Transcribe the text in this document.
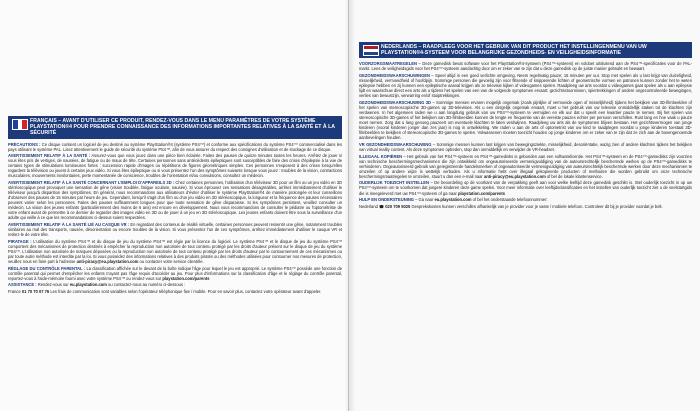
FRANÇAIS – AVANT D'UTILISER CE PRODUIT, RENDEZ-VOUS DANS LE MENU PARAMÈTRES DE VOTRE SYSTÈME PLAYSTATION®4 POUR PRENDRE CONNAISSANCE DES INFORMATIONS IMPORTANTES RELATIVES À LA SANTÉ ET À LA SÉCURITÉ

PRÉCAUTIONS : Ce disque contient un logiciel de jeu destiné au système PlayStation®4 (système PS4™) et conforme aux spécifications du système PS4™ commercialisé dans les pays utilisant le système PAL. Lisez attentivement le guide de sécurité du système PS4™, afin de vous assurer du respect des consignes d'utilisation et de stockage de ce disque.

AVERTISSEMENT RELATIF À LA SANTÉ : Assurez-vous que vous jouez dans une pièce bien éclairée. Faites des pauses de quinze minutes toutes les heures. Arrêtez de jouer si vous êtes pris de vertiges, de nausées, de fatigue ou de maux de tête. Certaines personnes sans antécédents épileptiques sont susceptibles de faire des crises d'épilepsie à la vue de certains types de stimulations lumineuses fortes : succession rapide d'images ou répétitions de figures géométriques simples. Ces personnes s'exposent à des crises lorsqu'elles regardent la télévision ou jouent à certains jeux vidéo. Si vous êtes épileptique ou si vous présentez l'un des symptômes suivants lorsque vous jouez : troubles de la vision, contractions musculaires, mouvements involontaires, perte momentanée de conscience, troubles de l'orientation et/ou convulsions, consultez un médecin.

AVERTISSEMENT RELATIF À LA SANTÉ CONCERNANT L'EMPLOI D'APPAREILS 3D : Chez certaines personnes, l'utilisation d'un téléviseur 3D pour un film ou un jeu vidéo en 3D stéréoscopique peut provoquer une sensation de gêne (vision troublée, fatigue oculaire, nausée). Si vous éprouvez ces sensations désagréables, arrêtez immédiatement d'utiliser le téléviseur jusqu'à disparition des symptômes. En général, nous recommandons aux utilisateurs d'éviter d'utiliser le système PlayStation®4 de manière prolongée et leur conseillons d'observer des pauses de 15 minutes par heure de jeu. Cependant, lorsqu'il s'agit d'un film ou d'un jeu vidéo en 3D stéréoscopique, la longueur et la fréquence des pauses nécessaires peuvent varier selon les personnes. Faites des pauses suffisamment longues pour que toute sensation de gêne disparaisse. Si les symptômes persistent, veuillez consulter un médecin. La vision des jeunes enfants (particulièrement des moins de 6 ans) est encore en développement. Nous vous recommandons de consulter le pédiatre ou l'optométriste de votre enfant avant de permettre à ce dernier de regarder des images vidéo en 3D ou de jouer à un jeu en 3D stéréoscopique. Les jeunes enfants doivent être sous la surveillance d'un adulte qui veille à ce que les recommandations ci-dessus soient respectées.

AVERTISSEMENT RELATIF À LA SANTÉ LIÉ AU CASQUE VR : En regardant des contenus de réalité virtuelle, certaines personnes peuvent ressentir une gêne, notamment troubles similaires au mal des transports, nausée, désorientation ou encore troubles de la vision. Si vous présentez l'un de ces symptômes, arrêtez immédiatement d'utiliser le casque VR et retirez-le de votre tête.

PIRATAGE : L'utilisation du système PS4™ et du disque de jeu du système PS4™ est régie par la licence du logiciel. Le système PS4™ et le disque de jeu du système PS4™ comportent des mécanismes de protection destinés à empêcher la reproduction non autorisée de tout contenu protégé par les droits d'auteur présent sur le disque de jeu du système PS4™. L'utilisation non autorisée de marques déposées ou la reproduction non autorisée de tout contenu protégé par les droits d'auteur par le contournement de ces mécanismes ou par toute autre méthode est interdite par la loi. Si vous possédez des informations relatives à des produits piratés ou des méthodes utilisées pour contourner nos mesures de protection, veuillez nous en faire part à l'adresse anti-piracy@eu.playstation.com ou contacter votre service clientèle.

RÉGLAGE DU CONTRÔLE PARENTAL : La classification affichée sur le devant de la boîte indique l'âge pour lequel le jeu est approprié. Le système PS4™ possède une fonction de contrôle parental qui permet d'empêcher les enfants n'ayant pas l'âge requis d'accéder au jeu. Pour plus d'informations sur la classification d'âge et le réglage du contrôle parental, reportez-vous à l'aide-mémoire fourni avec votre système PS4™ ou rendez-vous sur playstation.com/parents

ASSISTANCE : Rendez-vous sur eu.playstation.com ou contactez-nous au numéro ci-dessous :

France 01 70 70 07 76 Les frais de communication sont variables selon l'opérateur téléphonique fixe / mobile. Pour en savoir plus, contactez votre opérateur avant d'appeler.

NEDERLANDS – RAADPLEEG VOOR HET GEBRUIK VAN DIT PRODUCT HET INSTELLINGENMENU VAN UW PLAYSTATION®4-SYSTEEM VOOR BELANGRIJKE GEZONDHEIDS- EN VEILIGHEIDSINFORMATIE

VOORZORGSMAATREGELEN – Deze gamedisk bevat software voor het PlayStation®4-systeem (PS4™-systeem) en voldoet uitsluitend aan de PS4™-specificaties voor de PAL-markt. Lees de veiligheidsgids voor het PS4™-systeem aandachtig door om er zeker van te zijn dat u deze gamedisk op de juiste manier gebruikt en bewaart.

GEZONDHEIDSWAARSCHUWINGEN – Speel altijd in een goed verlichte omgeving. Neem regelmatig pauze; 15 minuten per uur. Stop met spelen als u last krijgt van duizeligheid, misselijkheid, vermoeidheid of hoofdpijn. Sommige personen die gevoelig zijn voor flitsende of knipperende lichten of geometrische vormen en patronen kunnen zonder het te weten epilepsie hebben en zij kunnen een epileptische aanval krijgen als ze televisie kijken of videogames spelen. Raadpleeg uw arts voordat u videogames gaat spelen als u aan epilepsie lijdt en waarschuw direct een arts als u tijdens het spelen van een van de volgende symptomen ervaart: gezichtsstoornissen, spiertrekkingen of andere ongecontroleerde bewegingen, verlies van bewustzijn, verwarring en/of stuiptrekkingen.

GEZONDHEIDSWAARSCHUWING 3D – Sommige mensen ervaren mogelijk ongemak (zoals pijnlijke of vermoeide ogen of misselijkheid) tijdens het bekijken van 3D-filmbeelden of het spelen van stereoscopische 3D-games op 3D-televisies. Als u een dergelijk ongemak ervaart, moet u het gebruik van uw televisie onmiddellijk staken tot de klachten zijn verdwenen. In het algemeen raden we u aan langdurig gebruik van uw PS4™-systeem te vermijden en elk uur dat u speelt een kwartier pauze te nemen. Bij het spelen van stereoscopische 3D-games of het bekijken van 3D-filmbeelden kunnen de lengte en frequentie van de vereiste pauzes echter per persoon verschillen. Rust lang en hoe vaak u pauze moet nemen. Zorg dat u lang genoeg pauzeert om eventuele klachten te laten verdwijnen. Raadpleeg uw arts als de symptomen blijven bestaan. Het gezichtsvermogen van jonge kinderen (vooral kinderen jonger dan zes jaar) is nog in ontwikkeling. We raden u aan de arts of optometrist van uw kind te raadplegen voordat u jonge kinderen toestaat 3D-filmbeelden te bekijken of stereoscopische 3D-games te spelen. Volwassenen moeten toezicht houden op jonge kinderen om er zeker van te zijn dat ze zich aan de bovengenoemde aanbevelingen houden.

VR GEZONDHEIDSWAARSCHUWING – Sommige mensen kunnen last krijgen van bewegingsziekte, misselijkheid, desoriëntatie, wazig zien of andere klachten tijdens het bekijken van virtual reality content. Als deze symptomen optreden, stop dan onmiddellijk en verwijder de VR-headset.

ILLEGAAL KOPIËREN – Het gebruik van het PS4™-systeem en PS4™-gamedisks is gebonden aan een softwarelicentie. Het PS4™-systeem en de PS4™-gamedisks zijn voorzien van technische beschermingsmechanismen die zijn ontwikkeld om ongeautoriseerde vermenigvuldiging van de auteursrechtelijk beschermde werken op de PS4™-gamedisks te verhinderen. Ongeautoriseerd gebruik van geregistreerde handelsmerken of ongeautoriseerde vermenigvuldiging van auteursrechtelijk beschermde werken door deze mechanismen te omzeilen of op andere wijze is wettelijk verboden. Als u informatie hebt over illegaal gekopieerde producten of methoden die worden gebruikt om onze technische beschermingsmaatregelen te omzeilen, stuurt u dan een e-mail naar anti-piracy@eu.playstation.com of bel de lokale klantenservice.

OUDERLIJK TOEZICHT INSTELLEN – De beoordeling op de voorkant van de verpakking geeft aan voor welke leeftijd deze gamedisk geschikt is. Stel ouderlijk toezicht in op uw PS4™-systeem om te voorkomen dat jongere kinderen deze game spelen. Voor meer informatie over leeftijdsclassificaties en het instellen van ouderlijk toezicht ziet u de snelstartgids die is meegeleverd met uw PS4™-systeem of ga naar playstation.com/parents

HULP EN ONDERSTEUNING – Ga naar eu.playstation.com of bel het onderstaande telefoonnummer:

Nederland ☎ 020 709 5025 Gesprekskosten kunnen verschillen afhankelijk van je provider voor je vaste / mobiele telefoon. Controleer dit bij je provider voordat je belt.
